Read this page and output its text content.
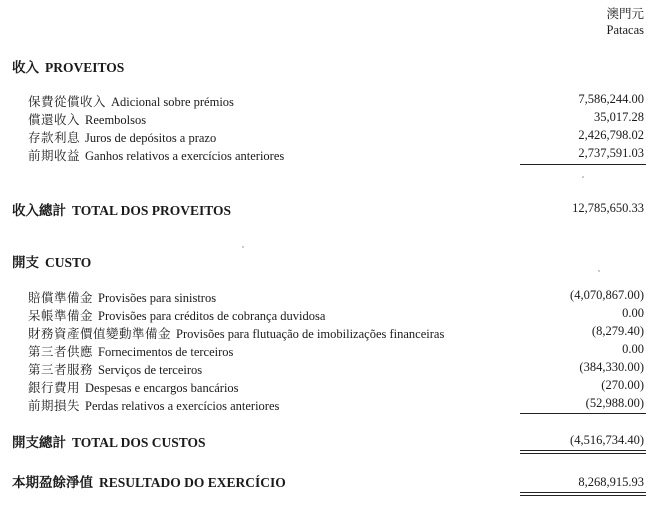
澳門元
Patacas
收入 PROVEITOS
保費從償收入 Adicional sobre prémios	7,586,244.00
償還收入 Reembolsos	35,017.28
存款利息 Juros de depósitos a prazo	2,426,798.02
前期收益 Ganhos relativos a exercícios anteriores	2,737,591.03
收入總計 TOTAL DOS PROVEITOS	12,785,650.33
開支 CUSTO
賠償準備金 Provisões para sinistros	(4,070,867.00)
呆帳準備金 Provisões para créditos de cobrança duvidosa	0.00
財務資產價值變動準備金 Provisões para flutuação de imobilizações financeiras	(8,279.40)
第三者供應 Fornecimentos de terceiros	0.00
第三者服務 Serviços de terceiros	(384,330.00)
銀行費用 Despesas e encargos bancários	(270.00)
前期損失 Perdas relativos a exercícios anteriores	(52,988.00)
開支總計 TOTAL DOS CUSTOS	(4,516,734.40)
本期盈餘淨值 RESULTADO DO EXERCÍCIO	8,268,915.93
